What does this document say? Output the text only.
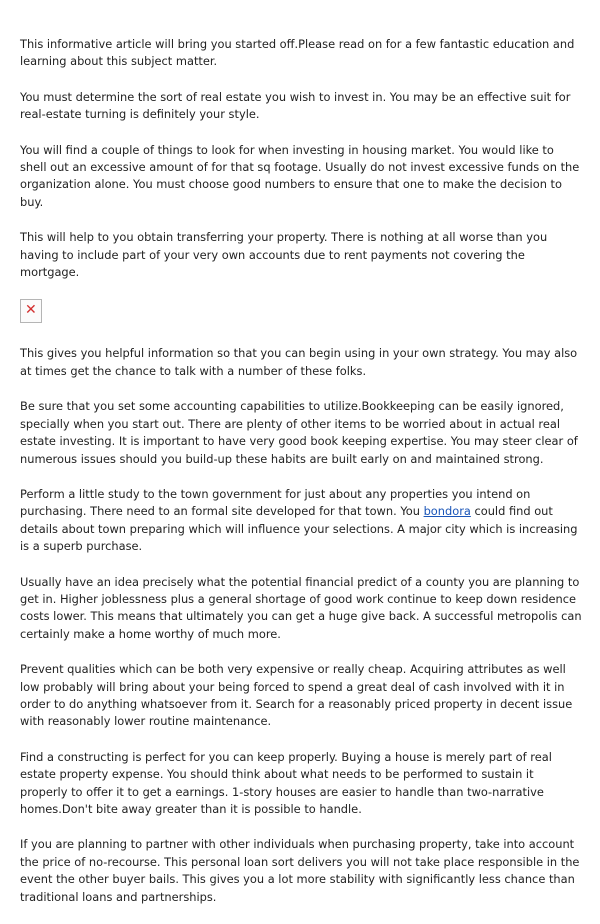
This informative article will bring you started off.Please read on for a few fantastic education and learning about this subject matter.

You must determine the sort of real estate you wish to invest in. You may be an effective suit for real-estate turning is definitely your style.

You will find a couple of things to look for when investing in housing market. You would like to shell out an excessive amount of for that sq footage. Usually do not invest excessive funds on the organization alone. You must choose good numbers to ensure that one to make the decision to buy.

This will help to you obtain transferring your property. There is nothing at all worse than you having to include part of your very own accounts due to rent payments not covering the mortgage.

✕

This gives you helpful information so that you can begin using in your own strategy. You may also at times get the chance to talk with a number of these folks.

Be sure that you set some accounting capabilities to utilize.Bookkeeping can be easily ignored, specially when you start out. There are plenty of other items to be worried about in actual real estate investing. It is important to have very good book keeping expertise. You may steer clear of numerous issues should you build-up these habits are built early on and maintained strong.

Perform a little study to the town government for just about any properties you intend on purchasing. There need to an formal site developed for that town. You bondora could find out details about town preparing which will influence your selections. A major city which is increasing is a superb purchase.

Usually have an idea precisely what the potential financial predict of a county you are planning to get in. Higher joblessness plus a general shortage of good work continue to keep down residence costs lower. This means that ultimately you can get a huge give back. A successful metropolis can certainly make a home worthy of much more.

Prevent qualities which can be both very expensive or really cheap. Acquiring attributes as well low probably will bring about your being forced to spend a great deal of cash involved with it in order to do anything whatsoever from it. Search for a reasonably priced property in decent issue with reasonably lower routine maintenance.

Find a constructing is perfect for you can keep properly. Buying a house is merely part of real estate property expense. You should think about what needs to be performed to sustain it properly to offer it to get a earnings. 1-story houses are easier to handle than two-narrative homes.Don't bite away greater than it is possible to handle.

If you are planning to partner with other individuals when purchasing property, take into account the price of no-recourse. This personal loan sort delivers you will not take place responsible in the event the other buyer bails. This gives you a lot more stability with significantly less chance than traditional loans and partnerships.
